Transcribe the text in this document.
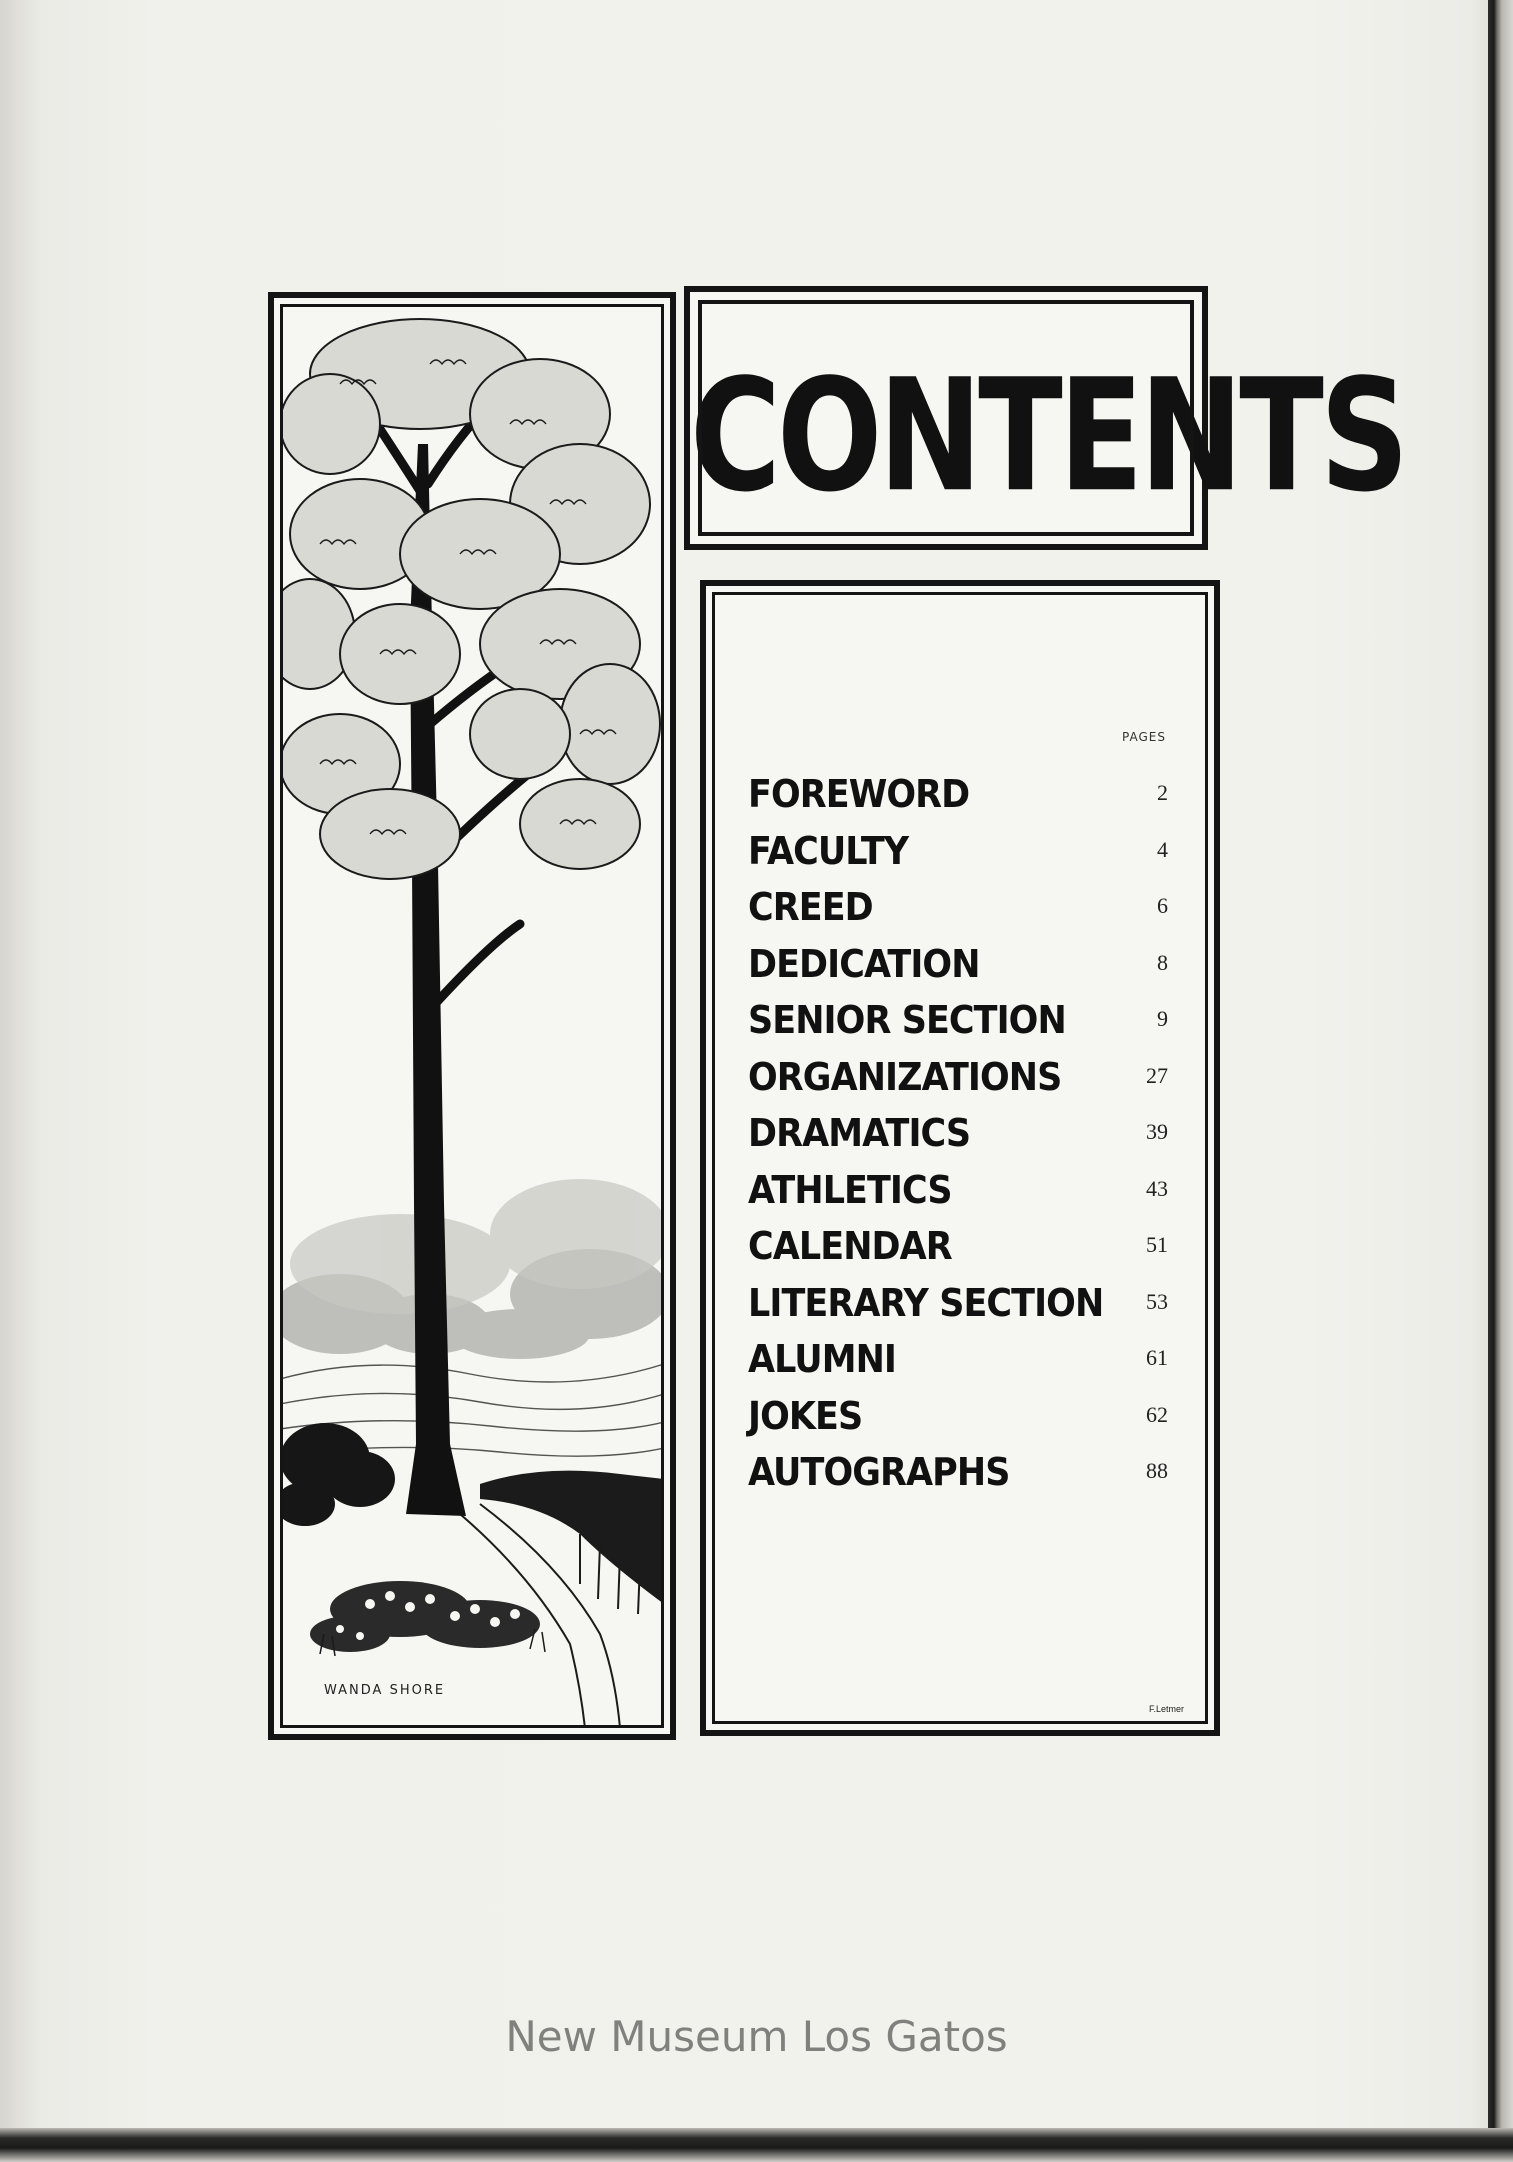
WANDA SHORE
CONTENTS
PAGES
FOREWORD	2
FACULTY	4
CREED	6
DEDICATION	8
SENIOR SECTION	9
ORGANIZATIONS	27
DRAMATICS	39
ATHLETICS	43
CALENDAR	51
LITERARY SECTION 53
ALUMNI	61
JOKES	62
AUTOGRAPHS	88
F.Letmer
New Museum Los Gatos
